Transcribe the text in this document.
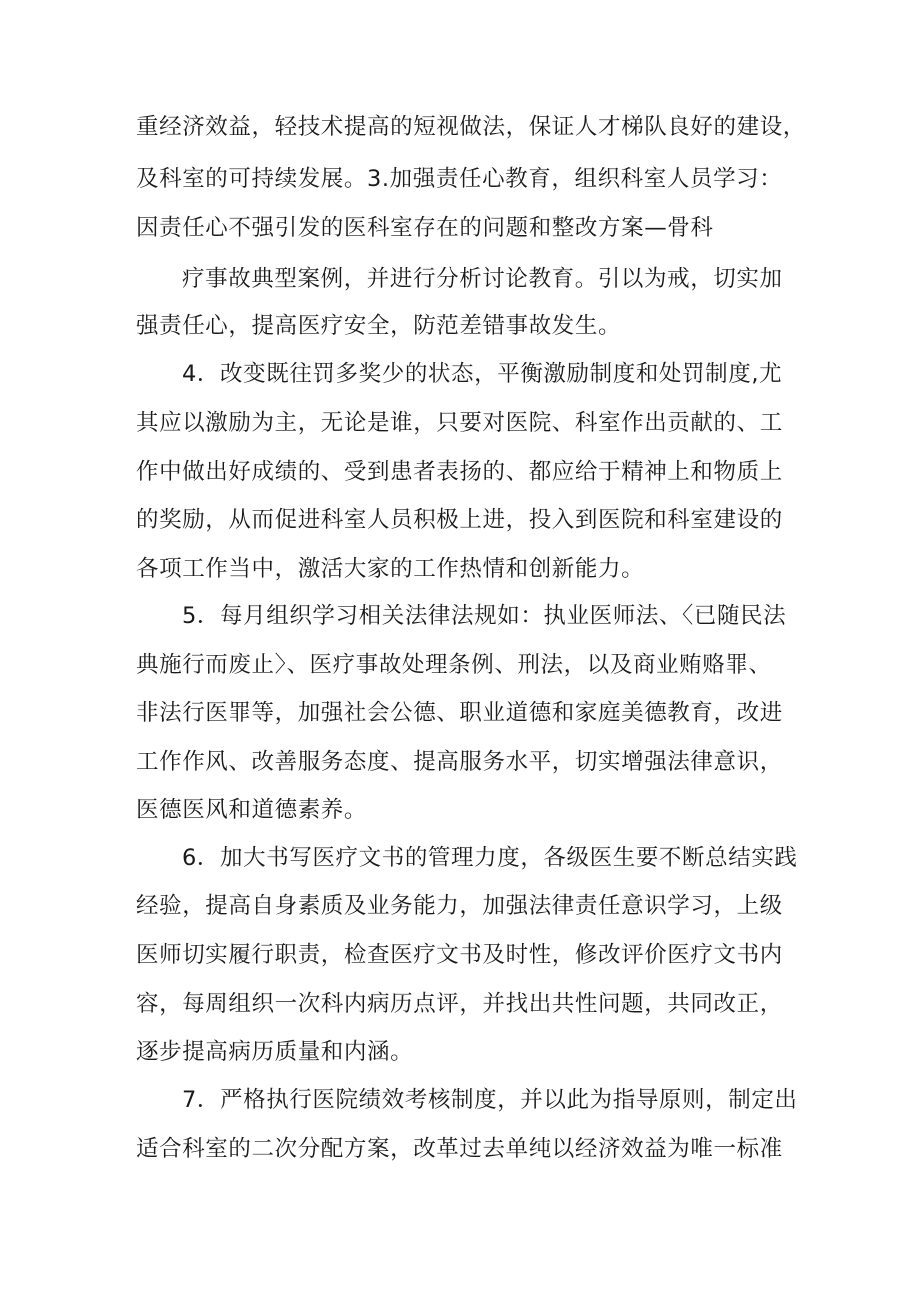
重经济效益，轻技术提高的短视做法，保证人才梯队良好的建设，
及科室的可持续发展。3.加强责任心教育，组织科室人员学习：
因责任心不强引发的医科室存在的问题和整改方案—骨科
疗事故典型案例，并进行分析讨论教育。引以为戒，切实加
强责任心，提高医疗安全，防范差错事故发生。
4．改变既往罚多奖少的状态，平衡激励制度和处罚制度,尤
其应以激励为主，无论是谁，只要对医院、科室作出贡献的、工
作中做出好成绩的、受到患者表扬的、都应给于精神上和物质上
的奖励，从而促进科室人员积极上进，投入到医院和科室建设的
各项工作当中，激活大家的工作热情和创新能力。
5．每月组织学习相关法律法规如：执业医师法、〈已随民法
典施行而废止〉、医疗事故处理条例、刑法，以及商业贿赂罪、
非法行医罪等，加强社会公德、职业道德和家庭美德教育，改进
工作作风、改善服务态度、提高服务水平，切实增强法律意识，
医德医风和道德素养。
6．加大书写医疗文书的管理力度，各级医生要不断总结实践
经验，提高自身素质及业务能力，加强法律责任意识学习，上级
医师切实履行职责，检查医疗文书及时性，修改评价医疗文书内
容，每周组织一次科内病历点评，并找出共性问题，共同改正，
逐步提高病历质量和内涵。
7．严格执行医院绩效考核制度，并以此为指导原则，制定出
适合科室的二次分配方案，改革过去单纯以经济效益为唯一标准
